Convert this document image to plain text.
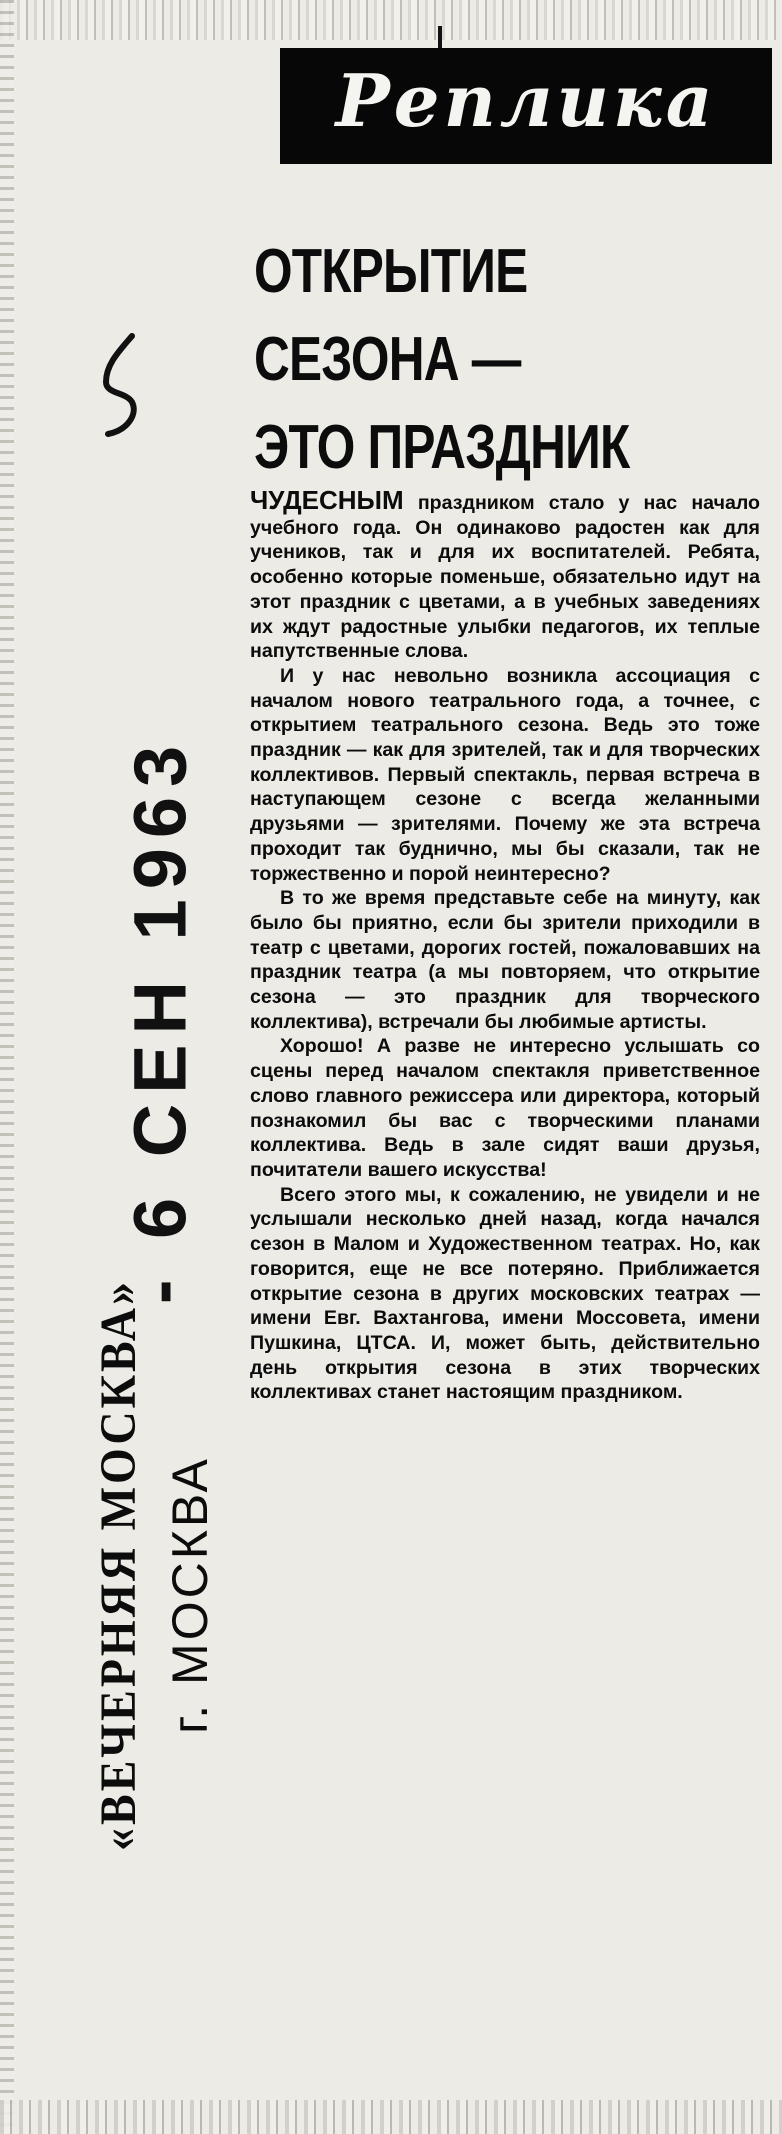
Реплика
ОТКРЫТИЕ
СЕЗОНА —
ЭТО ПРАЗДНИК
- 6 СЕН 1963
«ВЕЧЕРНЯЯ МОСКВА» г. МОСКВА

ЧУДЕСНЫМ праздником стало у нас начало учебного года. Он одинаково радостен как для учеников, так и для их воспитателей. Ребята, особенно которые поменьше, обязательно идут на этот праздник с цветами, а в учебных заведениях их ждут радостные улыбки педагогов, их теплые напутственные слова.

И у нас невольно возникла ассоциация с началом нового театрального года, а точнее, с открытием театрального сезона. Ведь это тоже праздник — как для зрителей, так и для творческих коллективов. Первый спектакль, первая встреча в наступающем сезоне с всегда желанными друзьями — зрителями. Почему же эта встреча проходит так буднично, мы бы сказали, так не торжественно и порой неинтересно?

В то же время представьте себе на минуту, как было бы приятно, если бы зрители приходили в театр с цветами, дорогих гостей, пожаловавших на праздник театра (а мы повторяем, что открытие сезона — это праздник для творческого коллектива), встречали бы любимые артисты.

Хорошо! А разве не интересно услышать со сцены перед началом спектакля приветственное слово главного режиссера или директора, который познакомил бы вас с творческими планами коллектива. Ведь в зале сидят ваши друзья, почитатели вашего искусства!

Всего этого мы, к сожалению, не увидели и не услышали несколько дней назад, когда начался сезон в Малом и Художественном театрах. Но, как говорится, еще не все потеряно. Приближается открытие сезона в других московских театрах — имени Евг. Вахтангова, имени Моссовета, имени Пушкина, ЦТСА. И, может быть, действительно день открытия сезона в этих творческих коллективах станет настоящим праздником.
